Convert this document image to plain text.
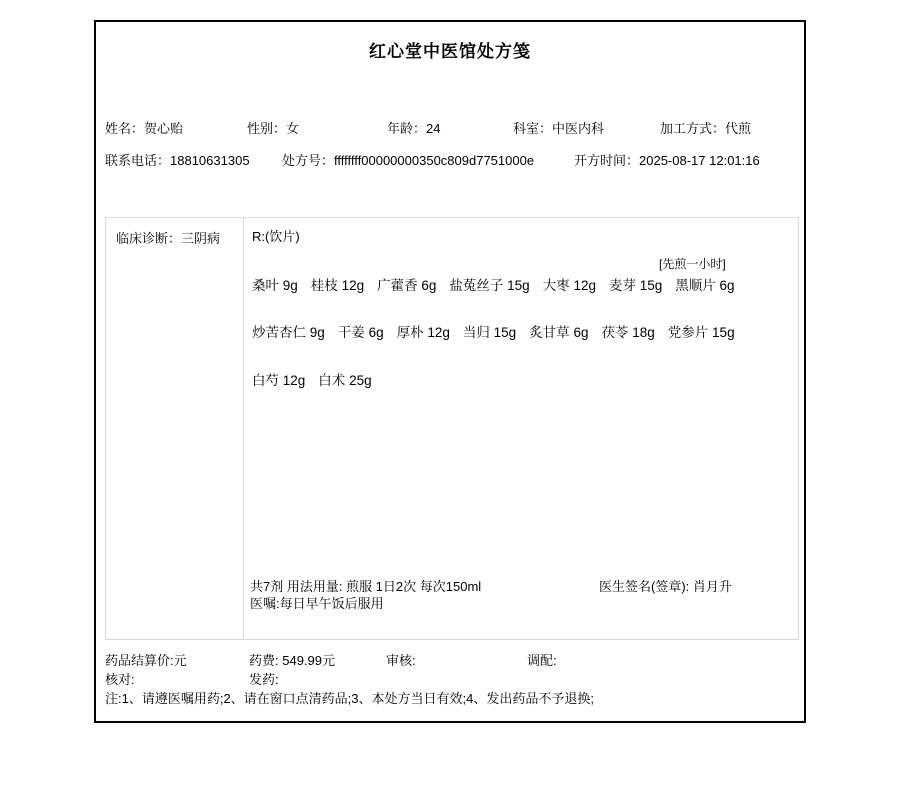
红心堂中医馆处方笺
姓名：贺心贻	性别：女	年龄：24	科室：中医内科	加工方式：代煎
联系电话：18810631305 处方号：ffffffff00000000350c809d7751000e	开方时间：2025-08-17 12:01:16
临床诊断：三阴病	R:(饮片)
[先煎一小时]
桑叶 9g 桂枝 12g 广藿香 6g 盐菟丝子 15g 大枣 12g 麦芽 15g 黑顺片 6g
炒苦杏仁 9g 干姜 6g 厚朴 12g 当归 15g 炙甘草 6g 茯苓 18g 党参片 15g
白芍 12g 白术 25g
共7剂 用法用量: 煎服 1日2次 每次150ml	医生签名(签章): 肖月升
医嘱:每日早午饭后服用
药品结算价:元	药费: 549.99元	审核:	调配:
核对:	发药:
注:1、请遵医嘱用药;2、请在窗口点清药品;3、本处方当日有效;4、发出药品不予退换;
